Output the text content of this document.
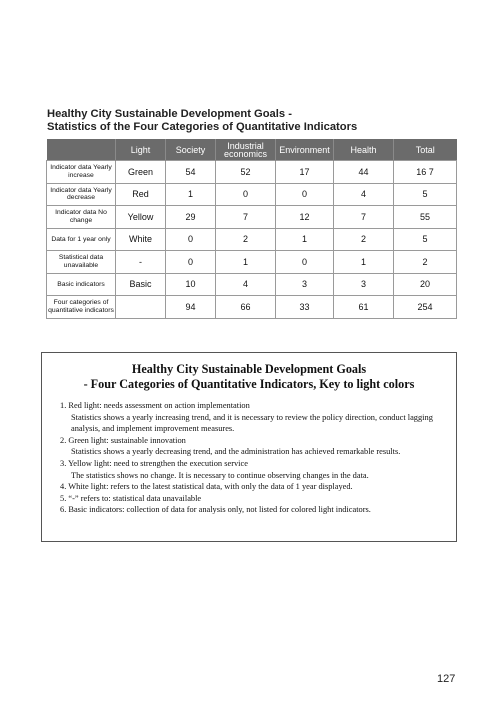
Healthy City Sustainable Development Goals -
Statistics of the Four Categories of Quantitative Indicators
	Light	Society	Industrial economics	Environment	Health	Total
Indicator data Yearly increase	Green	54	52	17	44	16 7
Indicator data Yearly decrease	Red	1	0	0	4	5
Indicator data No change	Yellow	29	7	12	7	55
Data for 1 year only	White	0	2	1	2	5
Statistical data unavailable	-	0	1	0	1	2
Basic indicators	Basic	10	4	3	3	20
Four categories of quantitative indicators		94	66	33	61	254
Healthy City Sustainable Development Goals
- Four Categories of Quantitative Indicators, Key to light colors
1. Red light: needs assessment on action implementation
Statistics shows a yearly increasing trend, and it is necessary to review the policy direction, conduct lagging analysis, and implement improvement measures.
2. Green light: sustainable innovation
Statistics shows a yearly decreasing trend, and the administration has achieved remarkable results.
3. Yellow light: need to strengthen the execution service
The statistics shows no change. It is necessary to continue observing changes in the data.
4. White light: refers to the latest statistical data, with only the data of 1 year displayed.
5. “-” refers to: statistical data unavailable
6. Basic indicators: collection of data for analysis only, not listed for colored light indicators.
127
